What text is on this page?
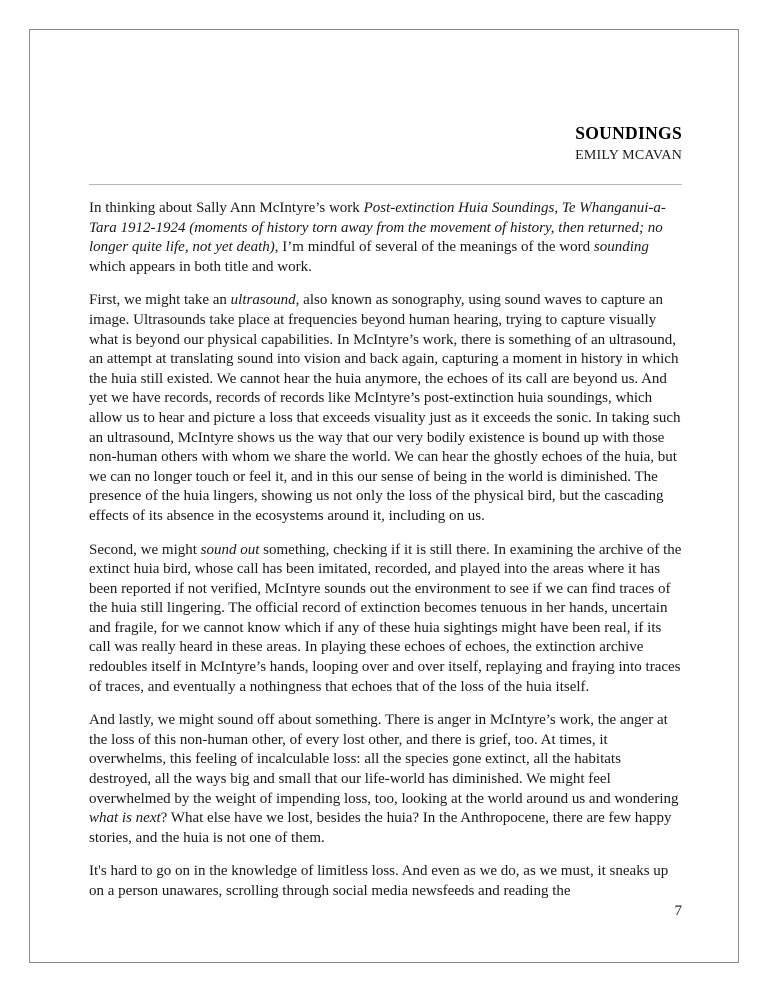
SOUNDINGS
EMILY MCAVAN

In thinking about Sally Ann McIntyre’s work Post-extinction Huia Soundings, Te Whanganui-a-Tara 1912-1924 (moments of history torn away from the movement of history, then returned; no longer quite life, not yet death), I’m mindful of several of the meanings of the word sounding which appears in both title and work.

First, we might take an ultrasound, also known as sonography, using sound waves to capture an image. Ultrasounds take place at frequencies beyond human hearing, trying to capture visually what is beyond our physical capabilities. In McIntyre’s work, there is something of an ultrasound, an attempt at translating sound into vision and back again, capturing a moment in history in which the huia still existed. We cannot hear the huia anymore, the echoes of its call are beyond us. And yet we have records, records of records like McIntyre’s post-extinction huia soundings, which allow us to hear and picture a loss that exceeds visuality just as it exceeds the sonic. In taking such an ultrasound, McIntyre shows us the way that our very bodily existence is bound up with those non-human others with whom we share the world. We can hear the ghostly echoes of the huia, but we can no longer touch or feel it, and in this our sense of being in the world is diminished. The presence of the huia lingers, showing us not only the loss of the physical bird, but the cascading effects of its absence in the ecosystems around it, including on us.

Second, we might sound out something, checking if it is still there. In examining the archive of the extinct huia bird, whose call has been imitated, recorded, and played into the areas where it has been reported if not verified, McIntyre sounds out the environment to see if we can find traces of the huia still lingering. The official record of extinction becomes tenuous in her hands, uncertain and fragile, for we cannot know which if any of these huia sightings might have been real, if its call was really heard in these areas. In playing these echoes of echoes, the extinction archive redoubles itself in McIntyre’s hands, looping over and over itself, replaying and fraying into traces of traces, and eventually a nothingness that echoes that of the loss of the huia itself.

And lastly, we might sound off about something. There is anger in McIntyre’s work, the anger at the loss of this non-human other, of every lost other, and there is grief, too. At times, it overwhelms, this feeling of incalculable loss: all the species gone extinct, all the habitats destroyed, all the ways big and small that our life-world has diminished. We might feel overwhelmed by the weight of impending loss, too, looking at the world around us and wondering what is next? What else have we lost, besides the huia? In the Anthropocene, there are few happy stories, and the huia is not one of them.

It's hard to go on in the knowledge of limitless loss. And even as we do, as we must, it sneaks up on a person unawares, scrolling through social media newsfeeds and reading the

7
